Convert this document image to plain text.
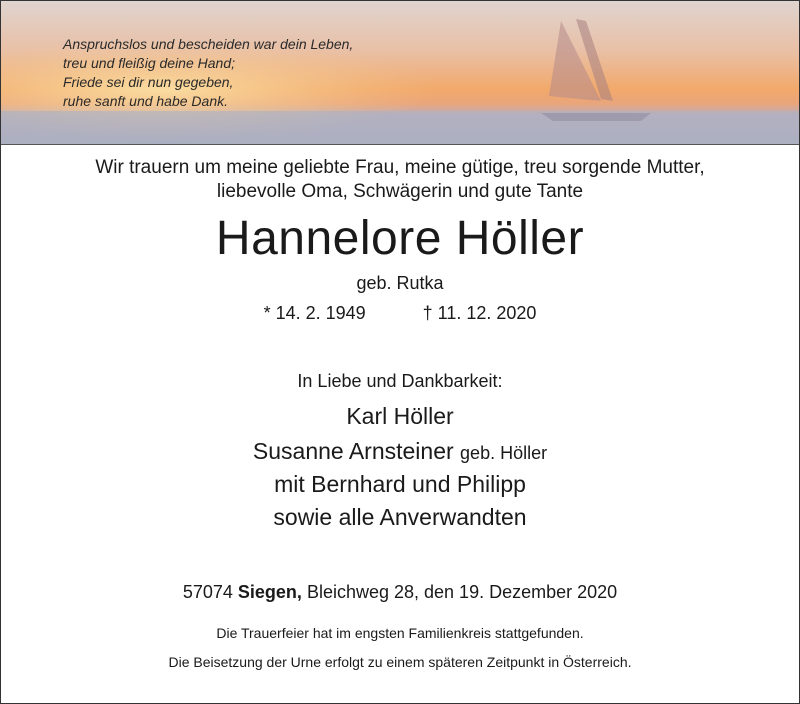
Anspruchslos und bescheiden war dein Leben,
treu und fleißig deine Hand;
Friede sei dir nun gegeben,
ruhe sanft und habe Dank.
Wir trauern um meine geliebte Frau, meine gütige, treu sorgende Mutter,
liebevolle Oma, Schwägerin und gute Tante
Hannelore Höller
geb. Rutka
* 14. 2. 1949	† 11. 12. 2020
In Liebe und Dankbarkeit:
Karl Höller
Susanne Arnsteiner geb. Höller
mit Bernhard und Philipp
sowie alle Anverwandten
57074 Siegen, Bleichweg 28, den 19. Dezember 2020
Die Trauerfeier hat im engsten Familienkreis stattgefunden.
Die Beisetzung der Urne erfolgt zu einem späteren Zeitpunkt in Österreich.
